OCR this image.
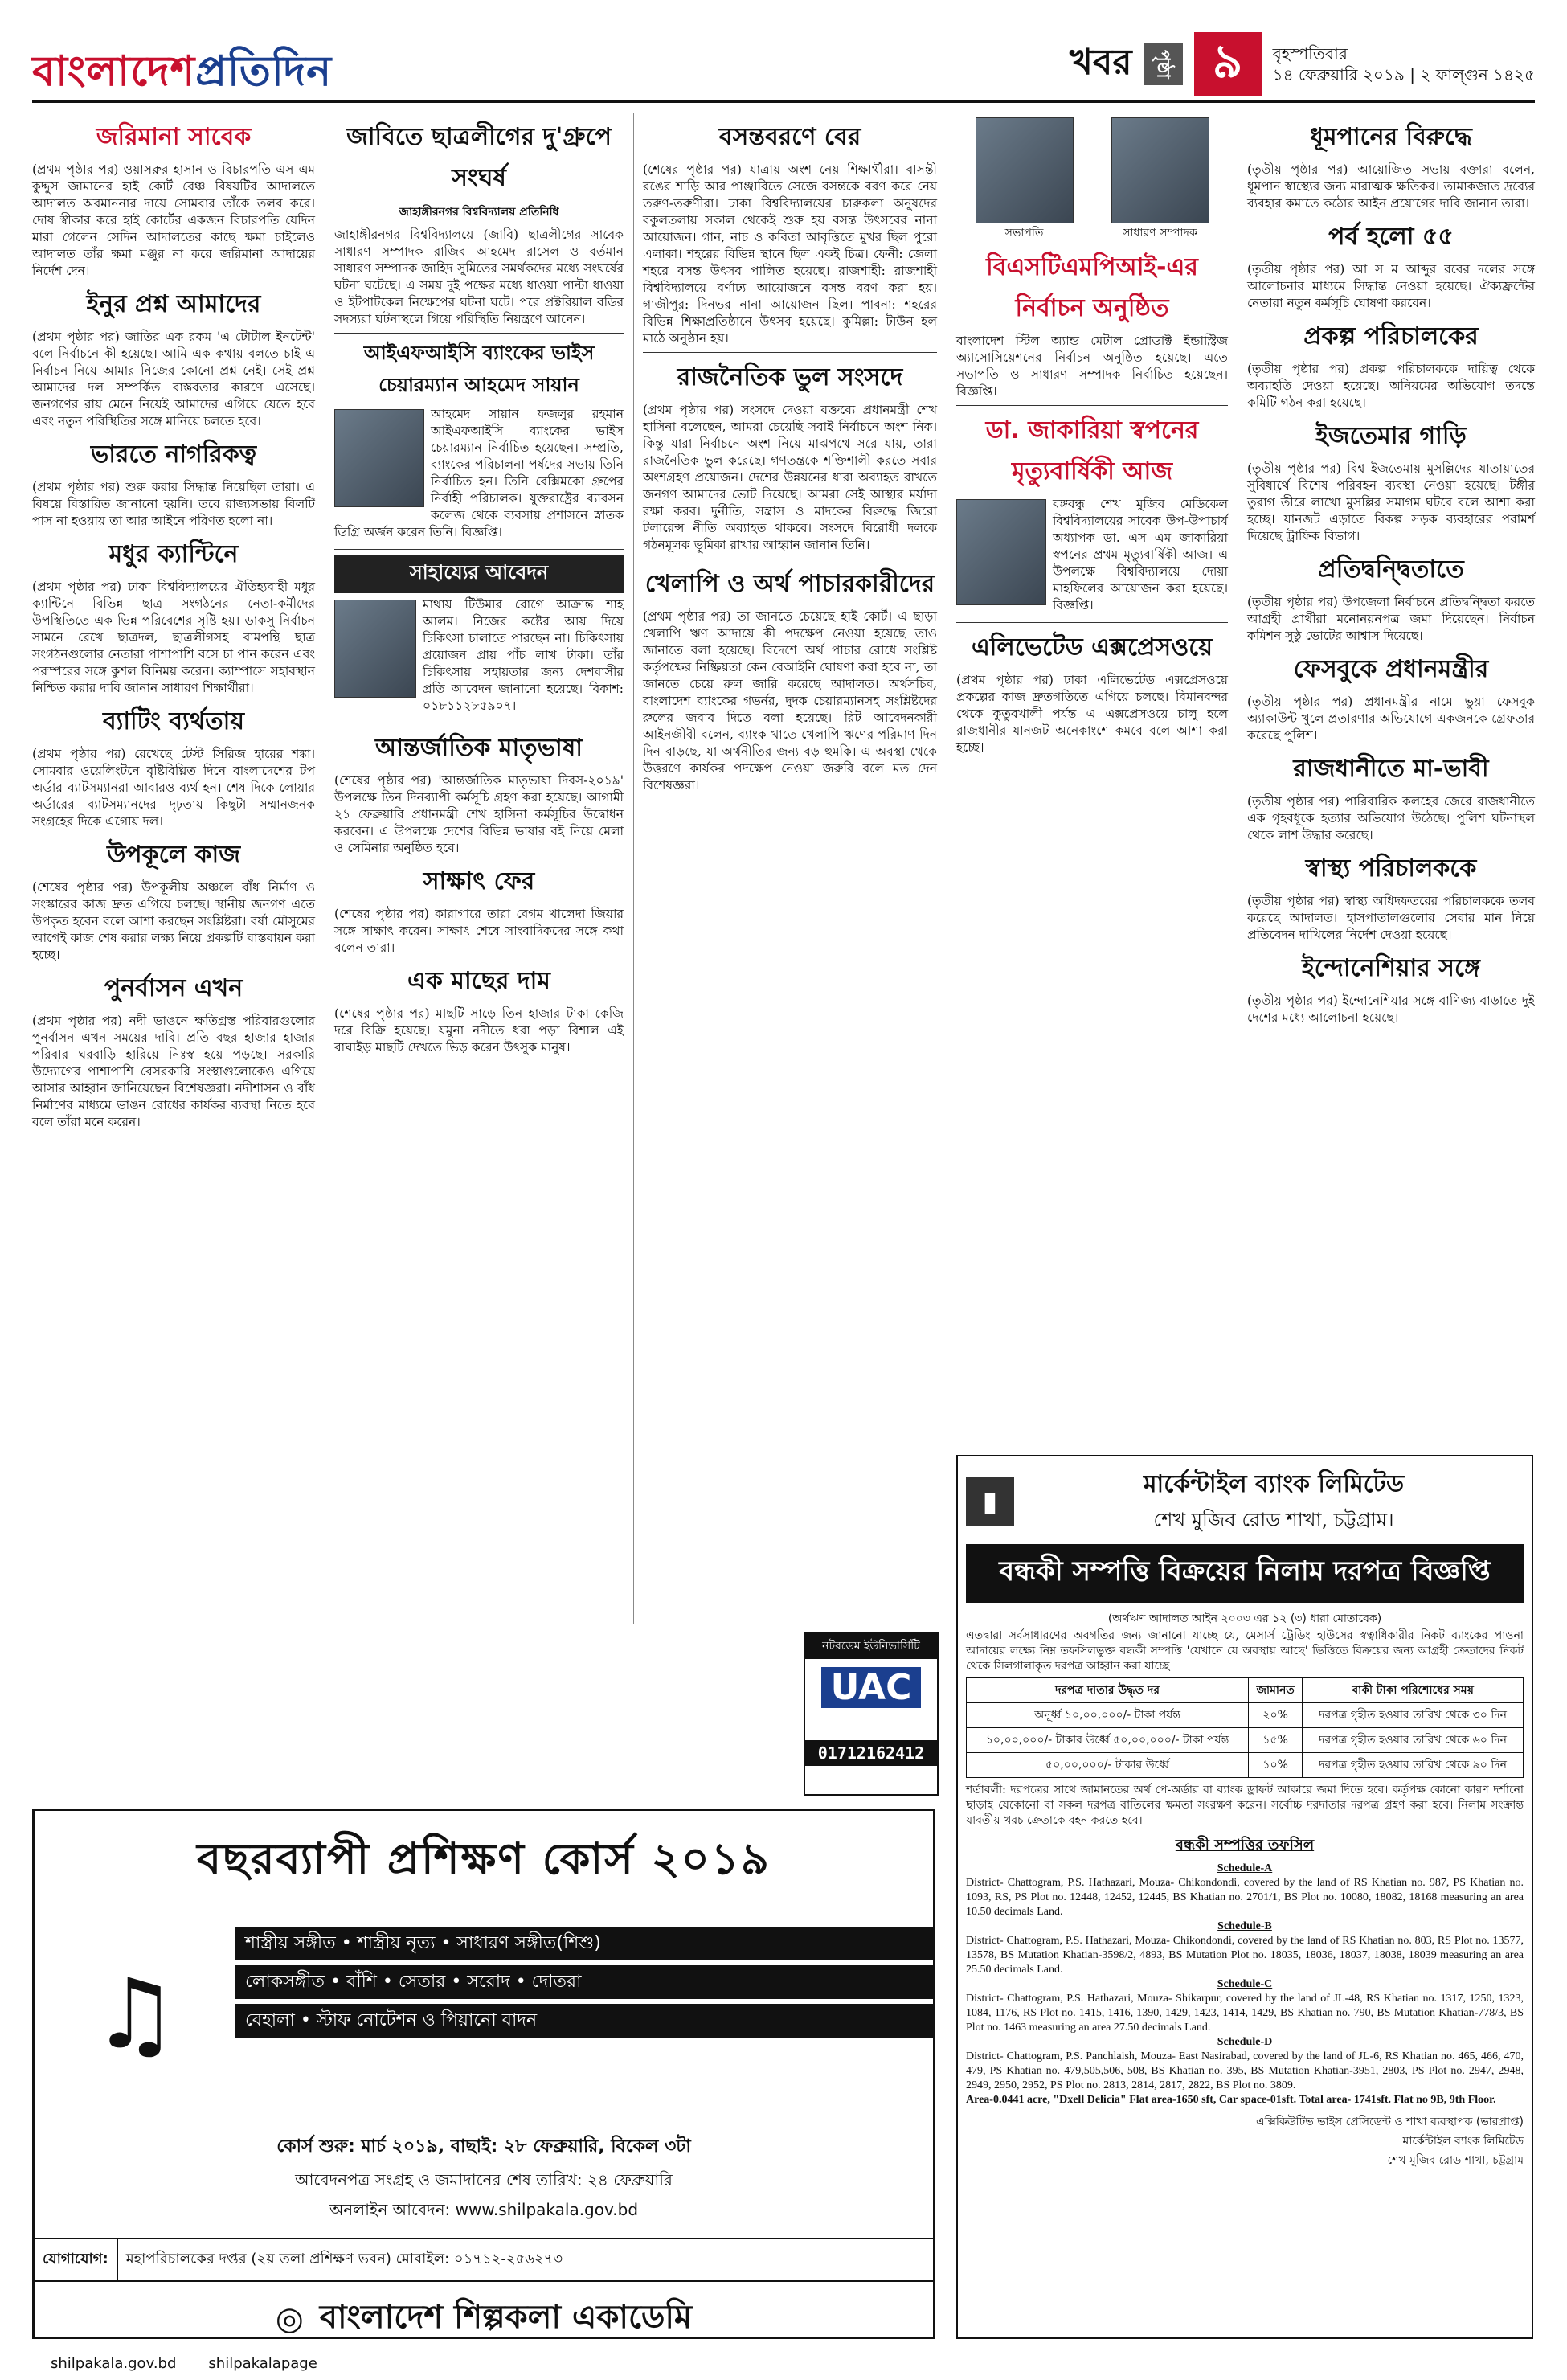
বাংলাদেশপ্রতিদিন	খবর	পৃষ্ঠা ৯	বৃহস্পতিবার
১৪ ফেব্রুয়ারি ২০১৯ | ২ ফাল্গুন ১৪২৫
জরিমানা সাবেক

(প্রথম পৃষ্ঠার পর) ওয়াসরুর হাসান ও বিচারপতি এস এম কুদ্দুস জামানের হাই কোর্ট বেঞ্চ বিষয়টির আদালতে আদালত অবমাননার দায়ে সোমবার তাঁকে তলব করে। দোষ স্বীকার করে হাই কোর্টের একজন বিচারপতি যেদিন মারা গেলেন সেদিন আদালতের কাছে ক্ষমা চাইলেও আদালত তাঁর ক্ষমা মঞ্জুর না করে জরিমানা আদায়ের নির্দেশ দেন।

ইনুর প্রশ্ন আমাদের

(প্রথম পৃষ্ঠার পর) জাতির এক রকম 'এ টোটাল ইনটেন্ট' বলে নির্বাচনে কী হয়েছে। আমি এক কথায় বলতে চাই এ নির্বাচন নিয়ে আমার নিজের কোনো প্রশ্ন নেই। সেই প্রশ্ন আমাদের দল সম্পর্কিত বাস্তবতার কারণে এসেছে। জনগণের রায় মেনে নিয়েই আমাদের এগিয়ে যেতে হবে এবং নতুন পরিস্থিতির সঙ্গে মানিয়ে চলতে হবে।

ভারতে নাগরিকত্ব

(প্রথম পৃষ্ঠার পর) শুরু করার সিদ্ধান্ত নিয়েছিল তারা। এ বিষয়ে বিস্তারিত জানানো হয়নি। তবে রাজ্যসভায় বিলটি পাস না হওয়ায় তা আর আইনে পরিণত হলো না।

মধুর ক্যান্টিনে

(প্রথম পৃষ্ঠার পর) ঢাকা বিশ্ববিদ্যালয়ের ঐতিহ্যবাহী মধুর ক্যান্টিনে বিভিন্ন ছাত্র সংগঠনের নেতা-কর্মীদের উপস্থিতিতে এক ভিন্ন পরিবেশের সৃষ্টি হয়। ডাকসু নির্বাচন সামনে রেখে ছাত্রদল, ছাত্রলীগসহ বামপন্থি ছাত্র সংগঠনগুলোর নেতারা পাশাপাশি বসে চা পান করেন এবং পরস্পরের সঙ্গে কুশল বিনিময় করেন। ক্যাম্পাসে সহাবস্থান নিশ্চিত করার দাবি জানান সাধারণ শিক্ষার্থীরা।

ব্যাটিং ব্যর্থতায়

(প্রথম পৃষ্ঠার পর) রেখেছে টেস্ট সিরিজ হারের শঙ্কা। সোমবার ওয়েলিংটনে বৃষ্টিবিঘ্নিত দিনে বাংলাদেশের টপ অর্ডার ব্যাটসম্যানরা আবারও ব্যর্থ হন। শেষ দিকে লোয়ার অর্ডারের ব্যাটসম্যানদের দৃঢ়তায় কিছুটা সম্মানজনক সংগ্রহের দিকে এগোয় দল।

উপকূলে কাজ

(শেষের পৃষ্ঠার পর) উপকূলীয় অঞ্চলে বাঁধ নির্মাণ ও সংস্কারের কাজ দ্রুত এগিয়ে চলছে। স্থানীয় জনগণ এতে উপকৃত হবেন বলে আশা করছেন সংশ্লিষ্টরা। বর্ষা মৌসুমের আগেই কাজ শেষ করার লক্ষ্য নিয়ে প্রকল্পটি বাস্তবায়ন করা হচ্ছে।

পুনর্বাসন এখন

(প্রথম পৃষ্ঠার পর) নদী ভাঙনে ক্ষতিগ্রস্ত পরিবারগুলোর পুনর্বাসন এখন সময়ের দাবি। প্রতি বছর হাজার হাজার পরিবার ঘরবাড়ি হারিয়ে নিঃস্ব হয়ে পড়ছে। সরকারি উদ্যোগের পাশাপাশি বেসরকারি সংস্থাগুলোকেও এগিয়ে আসার আহ্বান জানিয়েছেন বিশেষজ্ঞরা। নদীশাসন ও বাঁধ নির্মাণের মাধ্যমে ভাঙন রোধের কার্যকর ব্যবস্থা নিতে হবে বলে তাঁরা মনে করেন।

জাবিতে ছাত্রলীগের দু'গ্রুপে সংঘর্ষ
জাহাঙ্গীরনগর বিশ্ববিদ্যালয় প্রতিনিধি

জাহাঙ্গীরনগর বিশ্ববিদ্যালয়ে (জাবি) ছাত্রলীগের সাবেক সাধারণ সম্পাদক রাজিব আহমেদ রাসেল ও বর্তমান সাধারণ সম্পাদক জাহিদ সুমিতের সমর্থকদের মধ্যে সংঘর্ষের ঘটনা ঘটেছে। এ সময় দুই পক্ষের মধ্যে ধাওয়া পাল্টা ধাওয়া ও ইটপাটকেল নিক্ষেপের ঘটনা ঘটে। পরে প্রক্টরিয়াল বডির সদস্যরা ঘটনাস্থলে গিয়ে পরিস্থিতি নিয়ন্ত্রণে আনেন।

আইএফআইসি ব্যাংকের ভাইস চেয়ারম্যান আহমেদ সায়ান

আহমেদ সায়ান ফজলুর রহমান আইএফআইসি ব্যাংকের ভাইস চেয়ারম্যান নির্বাচিত হয়েছেন। সম্প্রতি, ব্যাংকের পরিচালনা পর্ষদের সভায় তিনি নির্বাচিত হন। তিনি বেক্সিমকো গ্রুপের নির্বাহী পরিচালক। যুক্তরাষ্ট্রের ব্যাবসন কলেজ থেকে ব্যবসায় প্রশাসনে স্নাতক ডিগ্রি অর্জন করেন তিনি। বিজ্ঞপ্তি।

সাহায্যের আবেদন

মাথায় টিউমার রোগে আক্রান্ত শাহ আলম। নিজের কষ্টের আয় দিয়ে চিকিৎসা চালাতে পারছেন না। চিকিৎসায় প্রয়োজন প্রায় পাঁচ লাখ টাকা। তাঁর চিকিৎসায় সহায়তার জন্য দেশবাসীর প্রতি আবেদন জানানো হয়েছে। বিকাশ: ০১৮১১২৮৫৯০৭।

আন্তর্জাতিক মাতৃভাষা

(শেষের পৃষ্ঠার পর) 'আন্তর্জাতিক মাতৃভাষা দিবস-২০১৯' উপলক্ষে তিন দিনব্যাপী কর্মসূচি গ্রহণ করা হয়েছে। আগামী ২১ ফেব্রুয়ারি প্রধানমন্ত্রী শেখ হাসিনা কর্মসূচির উদ্বোধন করবেন। এ উপলক্ষে দেশের বিভিন্ন ভাষার বই নিয়ে মেলা ও সেমিনার অনুষ্ঠিত হবে।

সাক্ষাৎ ফের

(শেষের পৃষ্ঠার পর) কারাগারে তারা বেগম খালেদা জিয়ার সঙ্গে সাক্ষাৎ করেন। সাক্ষাৎ শেষে সাংবাদিকদের সঙ্গে কথা বলেন তারা।

এক মাছের দাম

(শেষের পৃষ্ঠার পর) মাছটি সাড়ে তিন হাজার টাকা কেজি দরে বিক্রি হয়েছে। যমুনা নদীতে ধরা পড়া বিশাল এই বাঘাইড় মাছটি দেখতে ভিড় করেন উৎসুক মানুষ।

বসন্তবরণে বের

(শেষের পৃষ্ঠার পর) যাত্রায় অংশ নেয় শিক্ষার্থীরা। বাসন্তী রঙের শাড়ি আর পাঞ্জাবিতে সেজে বসন্তকে বরণ করে নেয় তরুণ-তরুণীরা। ঢাকা বিশ্ববিদ্যালয়ের চারুকলা অনুষদের বকুলতলায় সকাল থেকেই শুরু হয় বসন্ত উৎসবের নানা আয়োজন। গান, নাচ ও কবিতা আবৃত্তিতে মুখর ছিল পুরো এলাকা। শহরের বিভিন্ন স্থানে ছিল একই চিত্র। ফেনী: জেলা শহরে বসন্ত উৎসব পালিত হয়েছে। রাজশাহী: রাজশাহী বিশ্ববিদ্যালয়ে বর্ণাঢ্য আয়োজনে বসন্ত বরণ করা হয়। গাজীপুর: দিনভর নানা আয়োজন ছিল। পাবনা: শহরের বিভিন্ন শিক্ষাপ্রতিষ্ঠানে উৎসব হয়েছে। কুমিল্লা: টাউন হল মাঠে অনুষ্ঠান হয়।

রাজনৈতিক ভুল সংসদে

(প্রথম পৃষ্ঠার পর) সংসদে দেওয়া বক্তব্যে প্রধানমন্ত্রী শেখ হাসিনা বলেছেন, আমরা চেয়েছি সবাই নির্বাচনে অংশ নিক। কিন্তু যারা নির্বাচনে অংশ নিয়ে মাঝপথে সরে যায়, তারা রাজনৈতিক ভুল করেছে। গণতন্ত্রকে শক্তিশালী করতে সবার অংশগ্রহণ প্রয়োজন। দেশের উন্নয়নের ধারা অব্যাহত রাখতে জনগণ আমাদের ভোট দিয়েছে। আমরা সেই আস্থার মর্যাদা রক্ষা করব। দুর্নীতি, সন্ত্রাস ও মাদকের বিরুদ্ধে জিরো টলারেন্স নীতি অব্যাহত থাকবে। সংসদে বিরোধী দলকে গঠনমূলক ভূমিকা রাখার আহ্বান জানান তিনি।

খেলাপি ও অর্থ পাচারকারীদের

(প্রথম পৃষ্ঠার পর) তা জানতে চেয়েছে হাই কোর্ট। এ ছাড়া খেলাপি ঋণ আদায়ে কী পদক্ষেপ নেওয়া হয়েছে তাও জানাতে বলা হয়েছে। বিদেশে অর্থ পাচার রোধে সংশ্লিষ্ট কর্তৃপক্ষের নিষ্ক্রিয়তা কেন বেআইনি ঘোষণা করা হবে না, তা জানতে চেয়ে রুল জারি করেছে আদালত। অর্থসচিব, বাংলাদেশ ব্যাংকের গভর্নর, দুদক চেয়ারম্যানসহ সংশ্লিষ্টদের রুলের জবাব দিতে বলা হয়েছে। রিট আবেদনকারী আইনজীবী বলেন, ব্যাংক খাতে খেলাপি ঋণের পরিমাণ দিন দিন বাড়ছে, যা অর্থনীতির জন্য বড় হুমকি। এ অবস্থা থেকে উত্তরণে কার্যকর পদক্ষেপ নেওয়া জরুরি বলে মত দেন বিশেষজ্ঞরা।

সভাপতি	সাধারণ সম্পাদক
বিএসটিএমপিআই-এর নির্বাচন অনুষ্ঠিত

বাংলাদেশ স্টিল অ্যান্ড মেটাল প্রোডাক্ট ইন্ডাস্ট্রিজ অ্যাসোসিয়েশনের নির্বাচন অনুষ্ঠিত হয়েছে। এতে সভাপতি ও সাধারণ সম্পাদক নির্বাচিত হয়েছেন। বিজ্ঞপ্তি।

ডা. জাকারিয়া স্বপনের মৃত্যুবার্ষিকী আজ

বঙ্গবন্ধু শেখ মুজিব মেডিকেল বিশ্ববিদ্যালয়ের সাবেক উপ-উপাচার্য অধ্যাপক ডা. এস এম জাকারিয়া স্বপনের প্রথম মৃত্যুবার্ষিকী আজ। এ উপলক্ষে বিশ্ববিদ্যালয়ে দোয়া মাহফিলের আয়োজন করা হয়েছে। বিজ্ঞপ্তি।

এলিভেটেড এক্সপ্রেসওয়ে

(প্রথম পৃষ্ঠার পর) ঢাকা এলিভেটেড এক্সপ্রেসওয়ে প্রকল্পের কাজ দ্রুতগতিতে এগিয়ে চলছে। বিমানবন্দর থেকে কুতুবখালী পর্যন্ত এ এক্সপ্রেসওয়ে চালু হলে রাজধানীর যানজট অনেকাংশে কমবে বলে আশা করা হচ্ছে।

ধূমপানের বিরুদ্ধে

(তৃতীয় পৃষ্ঠার পর) আয়োজিত সভায় বক্তারা বলেন, ধূমপান স্বাস্থ্যের জন্য মারাত্মক ক্ষতিকর। তামাকজাত দ্রব্যের ব্যবহার কমাতে কঠোর আইন প্রয়োগের দাবি জানান তারা।

পর্ব হলো ৫৫

(তৃতীয় পৃষ্ঠার পর) আ স ম আব্দুর রবের দলের সঙ্গে আলোচনার মাধ্যমে সিদ্ধান্ত নেওয়া হয়েছে। ঐক্যফ্রন্টের নেতারা নতুন কর্মসূচি ঘোষণা করবেন।

প্রকল্প পরিচালকের

(তৃতীয় পৃষ্ঠার পর) প্রকল্প পরিচালককে দায়িত্ব থেকে অব্যাহতি দেওয়া হয়েছে। অনিয়মের অভিযোগ তদন্তে কমিটি গঠন করা হয়েছে।

ইজতেমার গাড়ি

(তৃতীয় পৃষ্ঠার পর) বিশ্ব ইজতেমায় মুসল্লিদের যাতায়াতের সুবিধার্থে বিশেষ পরিবহন ব্যবস্থা নেওয়া হয়েছে। টঙ্গীর তুরাগ তীরে লাখো মুসল্লির সমাগম ঘটবে বলে আশা করা হচ্ছে। যানজট এড়াতে বিকল্প সড়ক ব্যবহারের পরামর্শ দিয়েছে ট্রাফিক বিভাগ।

প্রতিদ্বন্দ্বিতাতে

(তৃতীয় পৃষ্ঠার পর) উপজেলা নির্বাচনে প্রতিদ্বন্দ্বিতা করতে আগ্রহী প্রার্থীরা মনোনয়নপত্র জমা দিয়েছেন। নির্বাচন কমিশন সুষ্ঠু ভোটের আশ্বাস দিয়েছে।

ফেসবুকে প্রধানমন্ত্রীর

(তৃতীয় পৃষ্ঠার পর) প্রধানমন্ত্রীর নামে ভুয়া ফেসবুক অ্যাকাউন্ট খুলে প্রতারণার অভিযোগে একজনকে গ্রেফতার করেছে পুলিশ।

রাজধানীতে মা-ভাবী

(তৃতীয় পৃষ্ঠার পর) পারিবারিক কলহের জেরে রাজধানীতে এক গৃহবধূকে হত্যার অভিযোগ উঠেছে। পুলিশ ঘটনাস্থল থেকে লাশ উদ্ধার করেছে।

স্বাস্থ্য পরিচালককে

(তৃতীয় পৃষ্ঠার পর) স্বাস্থ্য অধিদফতরের পরিচালককে তলব করেছে আদালত। হাসপাতালগুলোর সেবার মান নিয়ে প্রতিবেদন দাখিলের নির্দেশ দেওয়া হয়েছে।

ইন্দোনেশিয়ার সঙ্গে

(তৃতীয় পৃষ্ঠার পর) ইন্দোনেশিয়ার সঙ্গে বাণিজ্য বাড়াতে দুই দেশের মধ্যে আলোচনা হয়েছে।

▮
মার্কেন্টাইল ব্যাংক লিমিটেড
শেখ মুজিব রোড শাখা, চট্টগ্রাম।
বন্ধকী সম্পত্তি বিক্রয়ের নিলাম দরপত্র বিজ্ঞপ্তি
(অর্থঋণ আদালত আইন ২০০৩ এর ১২ (৩) ধারা মোতাবেক)

এতদ্বারা সর্বসাধারণের অবগতির জন্য জানানো যাচ্ছে যে, মেসার্স ট্রেডিং হাউসের স্বত্বাধিকারীর নিকট ব্যাংকের পাওনা আদায়ের লক্ষ্যে নিম্ন তফসিলভুক্ত বন্ধকী সম্পত্তি 'যেখানে যে অবস্থায় আছে' ভিত্তিতে বিক্রয়ের জন্য আগ্রহী ক্রেতাদের নিকট থেকে সিলগালাকৃত দরপত্র আহ্বান করা যাচ্ছে।

দরপত্র দাতার উদ্ধৃত দর	জামানত	বাকী টাকা পরিশোধের সময়
অনূর্ধ্ব ১০,০০,০০০/- টাকা পর্যন্ত	২০%	দরপত্র গৃহীত হওয়ার তারিখ থেকে ৩০ দিন
১০,০০,০০০/- টাকার উর্ধ্বে ৫০,০০,০০০/- টাকা পর্যন্ত	১৫%	দরপত্র গৃহীত হওয়ার তারিখ থেকে ৬০ দিন
৫০,০০,০০০/- টাকার উর্ধ্বে	১০%	দরপত্র গৃহীত হওয়ার তারিখ থেকে ৯০ দিন

শর্তাবলী: দরপত্রের সাথে জামানতের অর্থ পে-অর্ডার বা ব্যাংক ড্রাফট আকারে জমা দিতে হবে। কর্তৃপক্ষ কোনো কারণ দর্শানো ছাড়াই যেকোনো বা সকল দরপত্র বাতিলের ক্ষমতা সংরক্ষণ করেন। সর্বোচ্চ দরদাতার দরপত্র গ্রহণ করা হবে। নিলাম সংক্রান্ত যাবতীয় খরচ ক্রেতাকে বহন করতে হবে।

বন্ধকী সম্পত্তির তফসিল
Schedule-A
District- Chattogram, P.S. Hathazari, Mouza- Chikondondi, covered by the land of RS Khatian no. 987, PS Khatian no. 1093, RS, PS Plot no. 12448, 12452, 12445, BS Khatian no. 2701/1, BS Plot no. 10080, 18082, 18168 measuring an area 10.50 decimals Land.
Schedule-B
District- Chattogram, P.S. Hathazari, Mouza- Chikondondi, covered by the land of RS Khatian no. 803, RS Plot no. 13577, 13578, BS Mutation Khatian-3598/2, 4893, BS Mutation Plot no. 18035, 18036, 18037, 18038, 18039 measuring an area 25.50 decimals Land.
Schedule-C
District- Chattogram, P.S. Hathazari, Mouza- Shikarpur, covered by the land of JL-48, RS Khatian no. 1317, 1250, 1323, 1084, 1176, RS Plot no. 1415, 1416, 1390, 1429, 1423, 1414, 1429, BS Khatian no. 790, BS Mutation Khatian-778/3, BS Plot no. 1463 measuring an area 27.50 decimals Land.
Schedule-D
District- Chattogram, P.S. Panchlaish, Mouza- East Nasirabad, covered by the land of JL-6, RS Khatian no. 465, 466, 470, 479, PS Khatian no. 479,505,506, 508, BS Khatian no. 395, BS Mutation Khatian-3951, 2803, PS Plot no. 2947, 2948, 2949, 2950, 2952, PS Plot no. 2813, 2814, 2817, 2822, BS Plot no. 3809.
Area-0.0441 acre, "Dxell Delicia" Flat area-1650 sft, Car space-01sft. Total area- 1741sft. Flat no 9B, 9th Floor.
এক্সিকিউটিভ ভাইস প্রেসিডেন্ট ও শাখা ব্যবস্থাপক (ভারপ্রাপ্ত)
মার্কেন্টাইল ব্যাংক লিমিটেড
শেখ মুজিব রোড শাখা, চট্টগ্রাম
নটরডেম ইউনিভার্সিটি
UAC
01712162412
বছরব্যাপী প্রশিক্ষণ কোর্স ২০১৯
♫
শাস্ত্রীয় সঙ্গীত • শাস্ত্রীয় নৃত্য • সাধারণ সঙ্গীত(শিশু)
লোকসঙ্গীত • বাঁশি • সেতার • সরোদ • দোতরা
বেহালা • স্টাফ নোটেশন ও পিয়ানো বাদন
কোর্স শুরু: মার্চ ২০১৯, বাছাই: ২৮ ফেব্রুয়ারি, বিকেল ৩টা
আবেদনপত্র সংগ্রহ ও জমাদানের শেষ তারিখ: ২৪ ফেব্রুয়ারি
অনলাইন আবেদন: www.shilpakala.gov.bd
যোগাযোগ:	মহাপরিচালকের দপ্তর (২য় তলা প্রশিক্ষণ ভবন) মোবাইল: ০১৭১২-২৫৬২৭৩
◎ বাংলাদেশ শিল্পকলা একাডেমি
shilpakala.gov.bd shilpakalapage
